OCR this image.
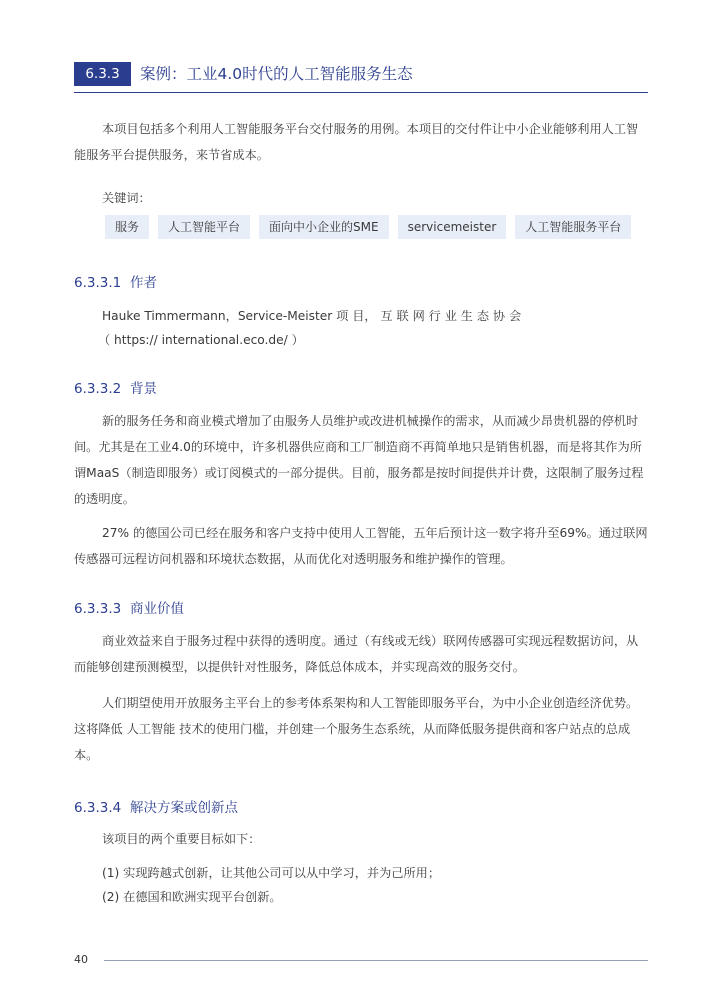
6.3.3	案例：工业4.0时代的人工智能服务生态

本项目包括多个利用人工智能服务平台交付服务的用例。本项目的交付件让中小企业能够利用人工智能服务平台提供服务，来节省成本。

关键词：
服务	人工智能平台	面向中小企业的SME	servicemeister	人工智能服务平台
6.3.3.1 作者
Hauke Timmermann，Service-Meister 项 目， 互 联 网 行 业 生 态 协 会
（ https:// international.eco.de/ ）
6.3.3.2 背景

新的服务任务和商业模式增加了由服务人员维护或改进机械操作的需求，从而减少昂贵机器的停机时间。尤其是在工业4.0的环境中，许多机器供应商和工厂制造商不再简单地只是销售机器，而是将其作为所谓MaaS（制造即服务）或订阅模式的一部分提供。目前，服务都是按时间提供并计费，这限制了服务过程的透明度。

27% 的德国公司已经在服务和客户支持中使用人工智能，五年后预计这一数字将升至69%。通过联网传感器可远程访问机器和环境状态数据，从而优化对透明服务和维护操作的管理。

6.3.3.3 商业价值

商业效益来自于服务过程中获得的透明度。通过（有线或无线）联网传感器可实现远程数据访问，从而能够创建预测模型，以提供针对性服务，降低总体成本，并实现高效的服务交付。

人们期望使用开放服务主平台上的参考体系架构和人工智能即服务平台，为中小企业创造经济优势。这将降低 人工智能 技术的使用门槛，并创建一个服务生态系统，从而降低服务提供商和客户站点的总成本。

6.3.3.4 解决方案或创新点
该项目的两个重要目标如下：
(1) 实现跨越式创新，让其他公司可以从中学习，并为己所用；
(2) 在德国和欧洲实现平台创新。
40
